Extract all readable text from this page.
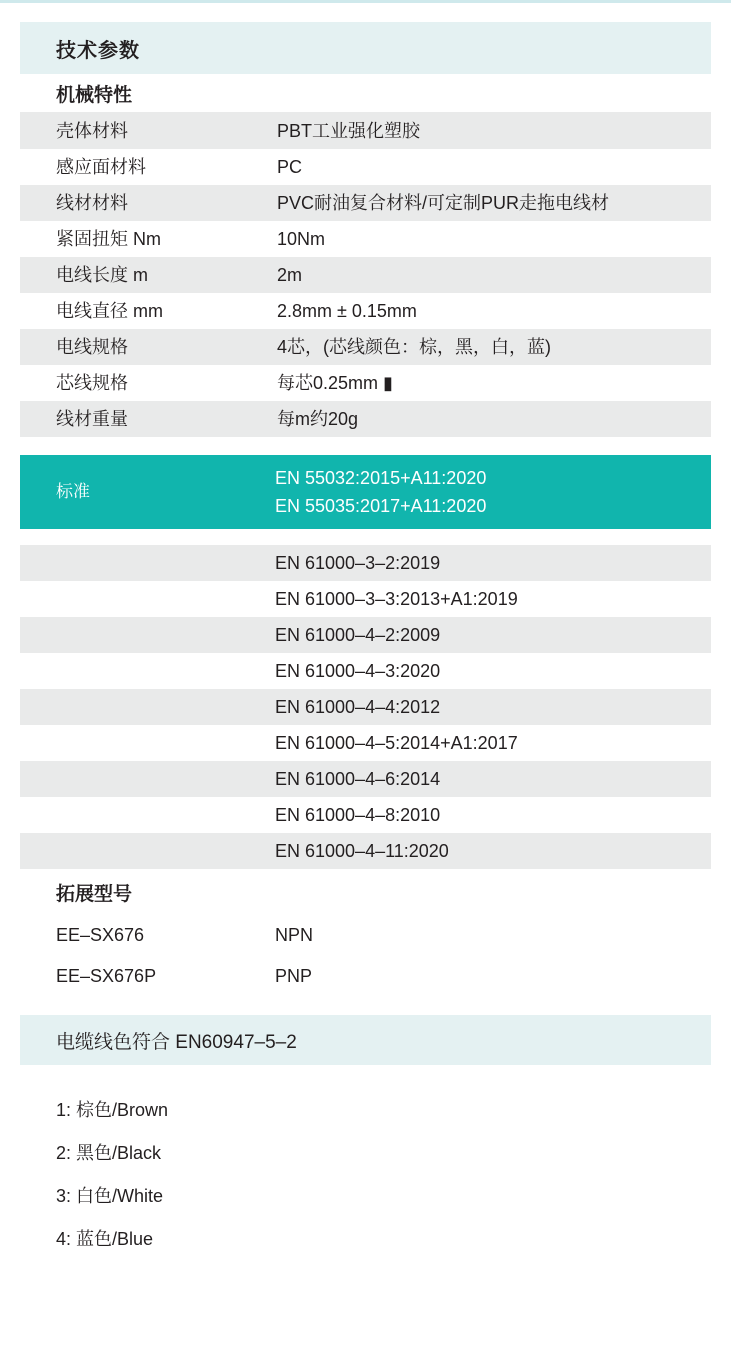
技术参数
机械特性
壳体材料	PBT工业强化塑胶
感应面材料	PC
线材材料	PVC耐油复合材料/可定制PUR走拖电线材
紧固扭矩 Nm	10Nm
电线长度 m	2m
电线直径 mm	2.8mm ± 0.15mm
电线规格	4芯，(芯线颜色：棕，黑，白，蓝)
芯线规格	每芯0.25mm ▮
线材重量	每m约20g
标准
EN 55032:2015+A11:2020
EN 55035:2017+A11:2020
EN 61000–3–2:2019
EN 61000–3–3:2013+A1:2019
EN 61000–4–2:2009
EN 61000–4–3:2020
EN 61000–4–4:2012
EN 61000–4–5:2014+A1:2017
EN 61000–4–6:2014
EN 61000–4–8:2010
EN 61000–4–11:2020
拓展型号
EE–SX676	NPN
EE–SX676P	PNP
电缆线色符合 EN60947–5–2
1: 棕色/Brown
2: 黑色/Black
3: 白色/White
4: 蓝色/Blue
